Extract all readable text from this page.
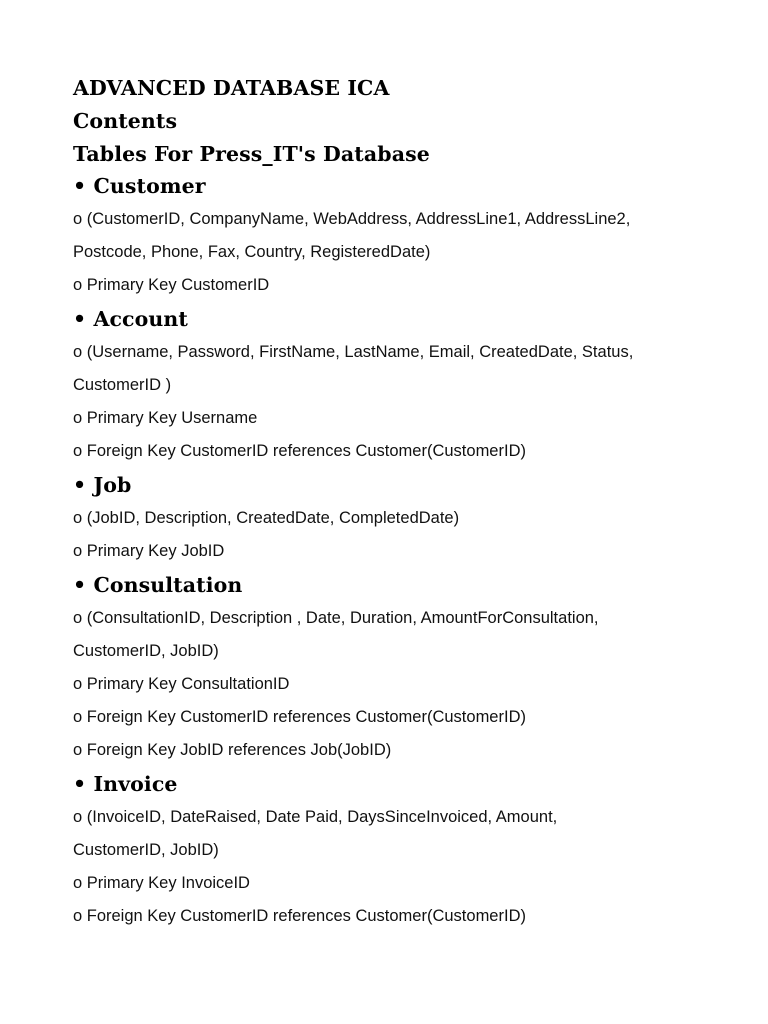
ADVANCED DATABASE ICA
Contents
Tables For Press_IT's Database
• Customer

o (CustomerID, CompanyName, WebAddress, AddressLine1, AddressLine2,

Postcode, Phone, Fax, Country, RegisteredDate)

o Primary Key CustomerID

• Account

o (Username, Password, FirstName, LastName, Email, CreatedDate, Status,

CustomerID )

o Primary Key Username

o Foreign Key CustomerID references Customer(CustomerID)

• Job

o (JobID, Description, CreatedDate, CompletedDate)

o Primary Key JobID

• Consultation

o (ConsultationID, Description , Date, Duration, AmountForConsultation,

CustomerID, JobID)

o Primary Key ConsultationID

o Foreign Key CustomerID references Customer(CustomerID)

o Foreign Key JobID references Job(JobID)

• Invoice

o (InvoiceID, DateRaised, Date Paid, DaysSinceInvoiced, Amount,

CustomerID, JobID)

o Primary Key InvoiceID

o Foreign Key CustomerID references Customer(CustomerID)
